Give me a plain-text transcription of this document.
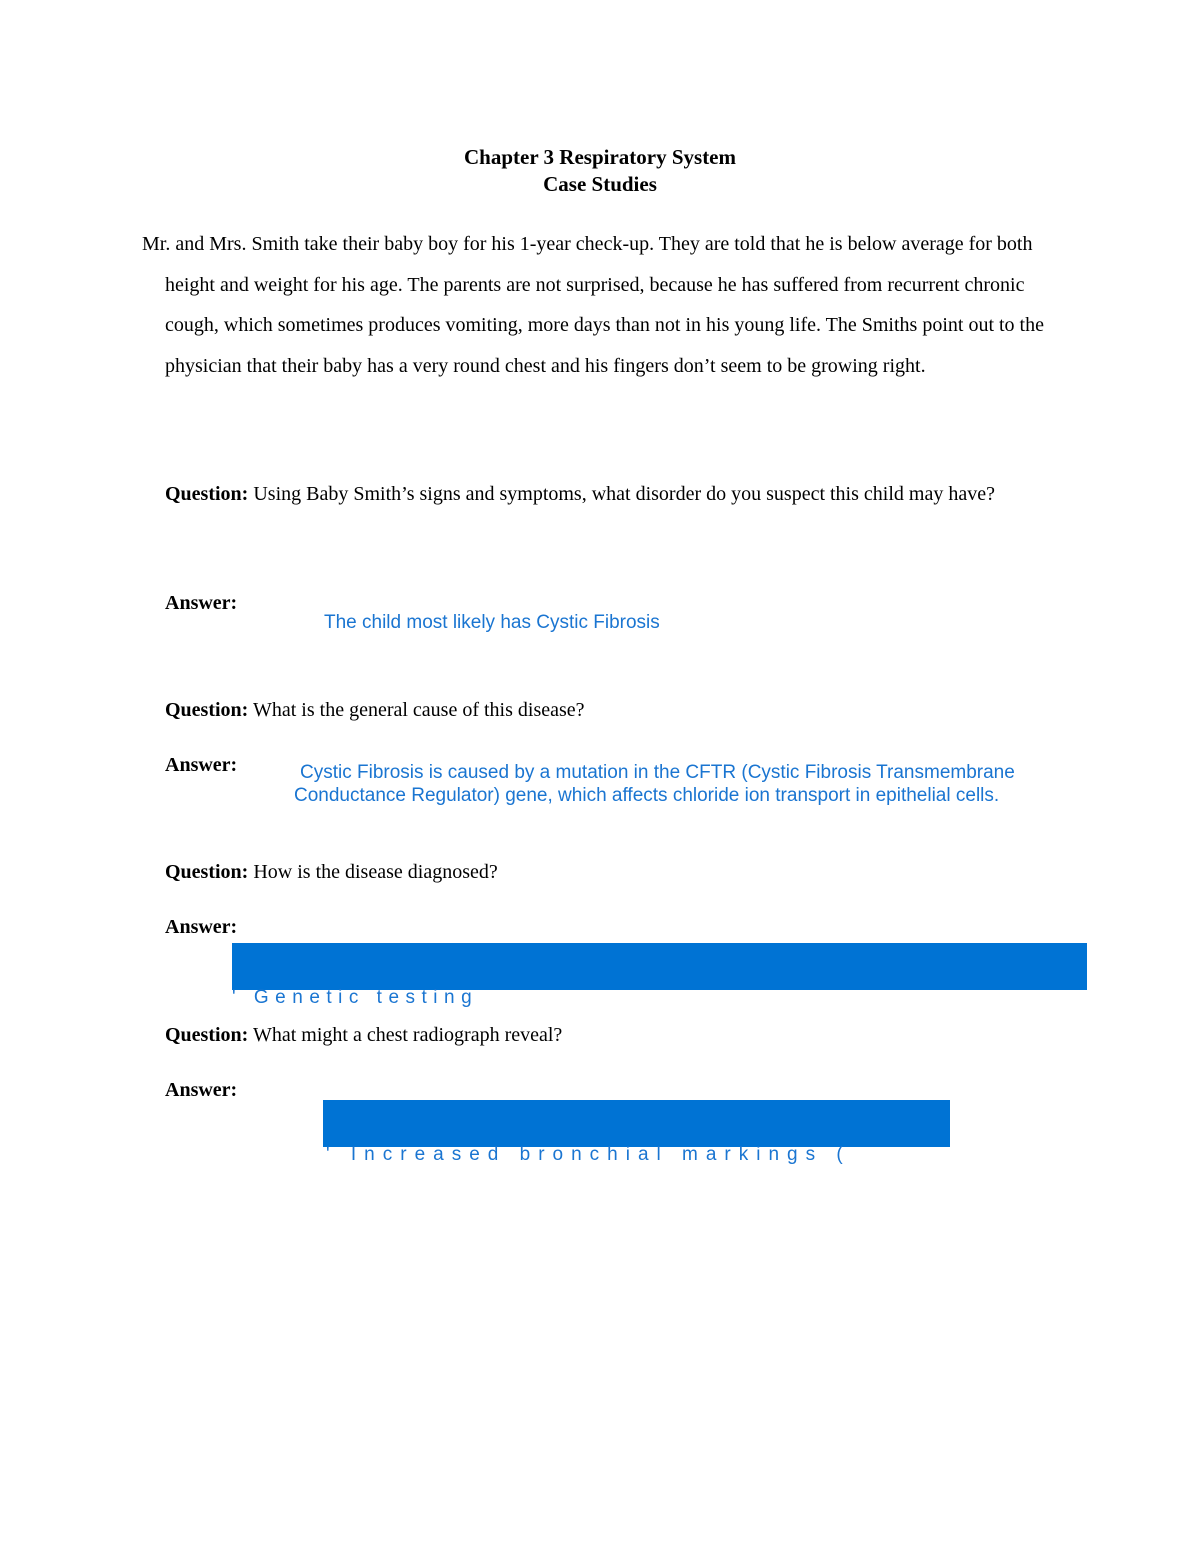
Chapter 3 Respiratory System
Case Studies
Mr. and Mrs. Smith take their baby boy for his 1-year check-up. They are told that he is below average for both height and weight for his age. The parents are not surprised, because he has suffered from recurrent chronic cough, which sometimes produces vomiting, more days than not in his young life. The Smiths point out to the physician that their baby has a very round chest and his fingers don’t seem to be growing right.
Question: Using Baby Smith’s signs and symptoms, what disorder do you suspect this child may have?
Answer:
The child most likely has Cystic Fibrosis
Question: What is the general cause of this disease?
Answer:	Cystic Fibrosis is caused by a mutation in the CFTR (Cystic Fibrosis Transmembrane Conductance Regulator) gene, which affects chloride ion transport in epithelial cells.
Question: How is the disease diagnosed?
Answer:
' Genetic testing
Question: What might a chest radiograph reveal?
Answer:
' Increased bronchial markings (
